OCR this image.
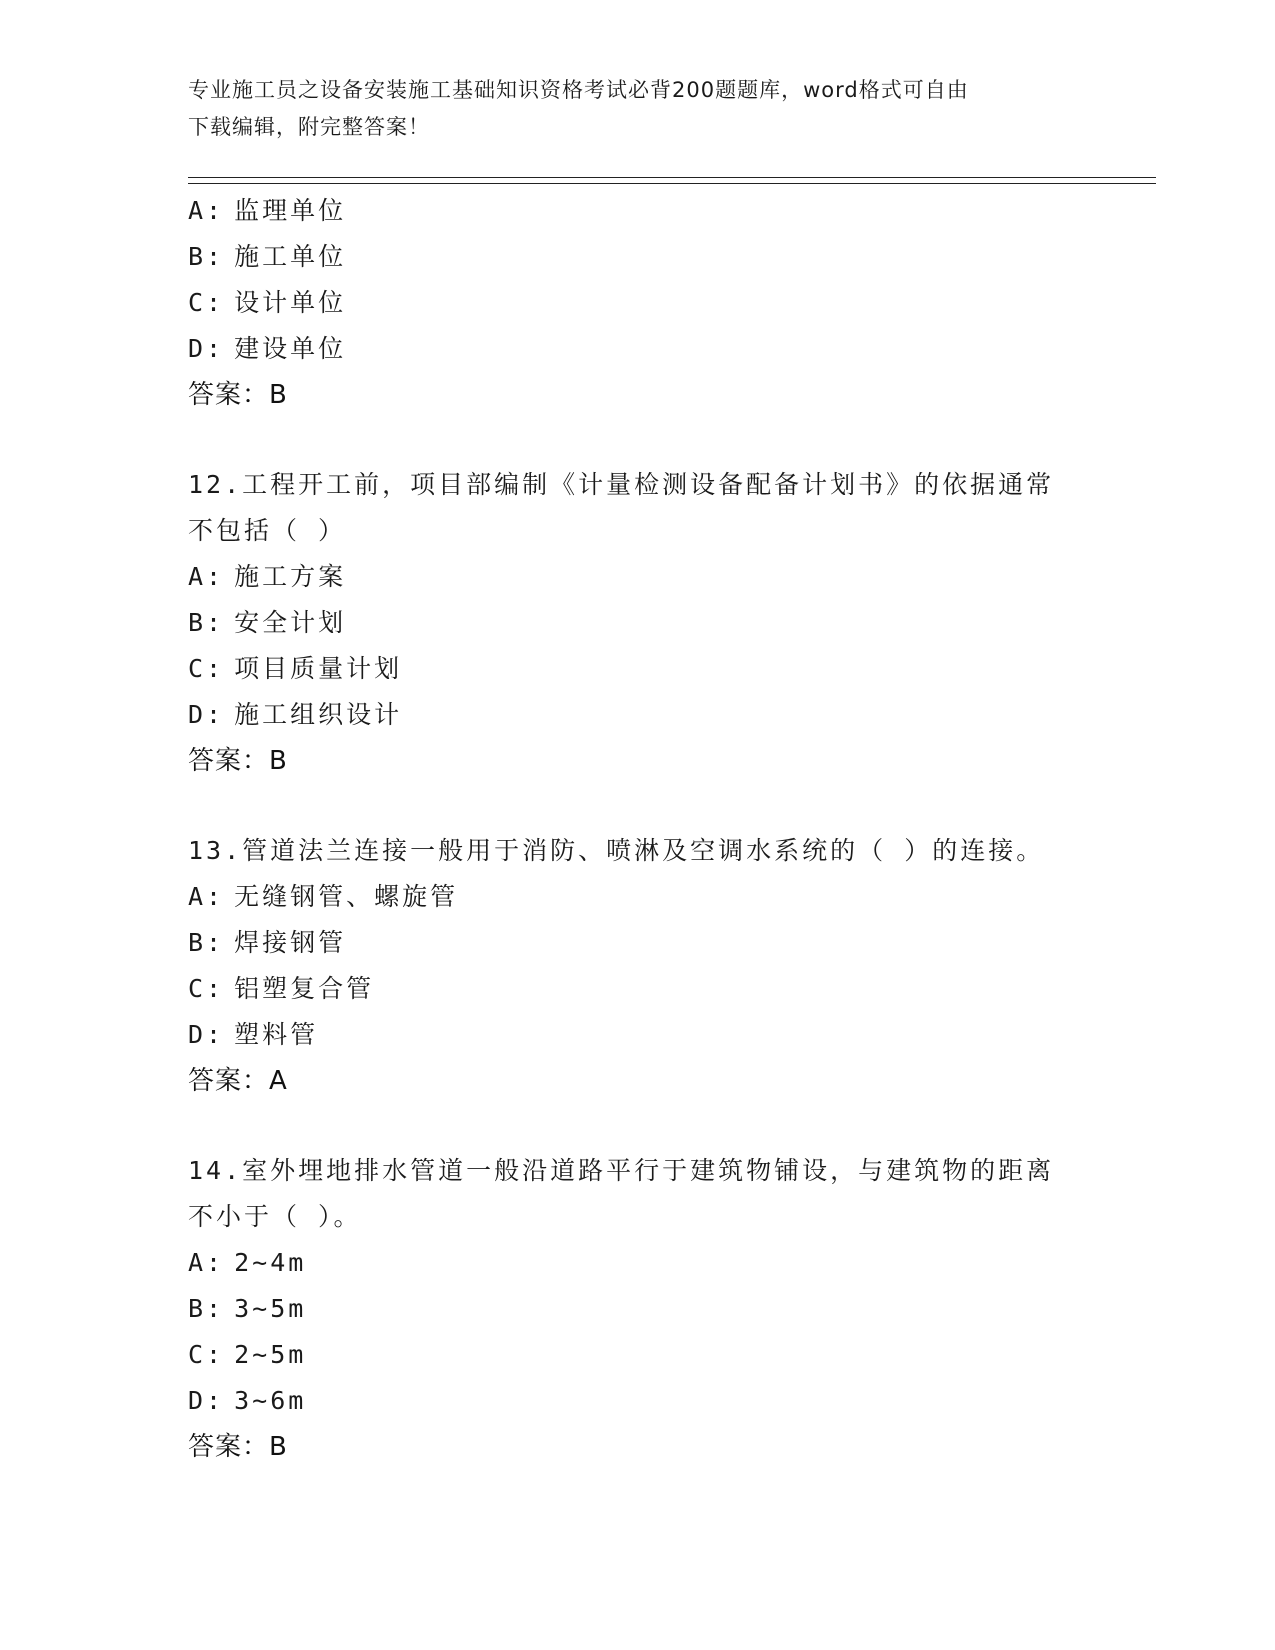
专业施工员之设备安装施工基础知识资格考试必背200题题库，word格式可自由
下载编辑，附完整答案！
A: 监理单位
B: 施工单位
C: 设计单位
D: 建设单位
答案：B
12.工程开工前，项目部编制《计量检测设备配备计划书》的依据通常
不包括（ ）
A: 施工方案
B: 安全计划
C: 项目质量计划
D: 施工组织设计
答案：B
13.管道法兰连接一般用于消防、喷淋及空调水系统的（ ）的连接。
A: 无缝钢管、螺旋管
B: 焊接钢管
C: 铝塑复合管
D: 塑料管
答案：A
14.室外埋地排水管道一般沿道路平行于建筑物铺设，与建筑物的距离
不小于（ ）。
A: 2~4m
B: 3~5m
C: 2~5m
D: 3~6m
答案：B
